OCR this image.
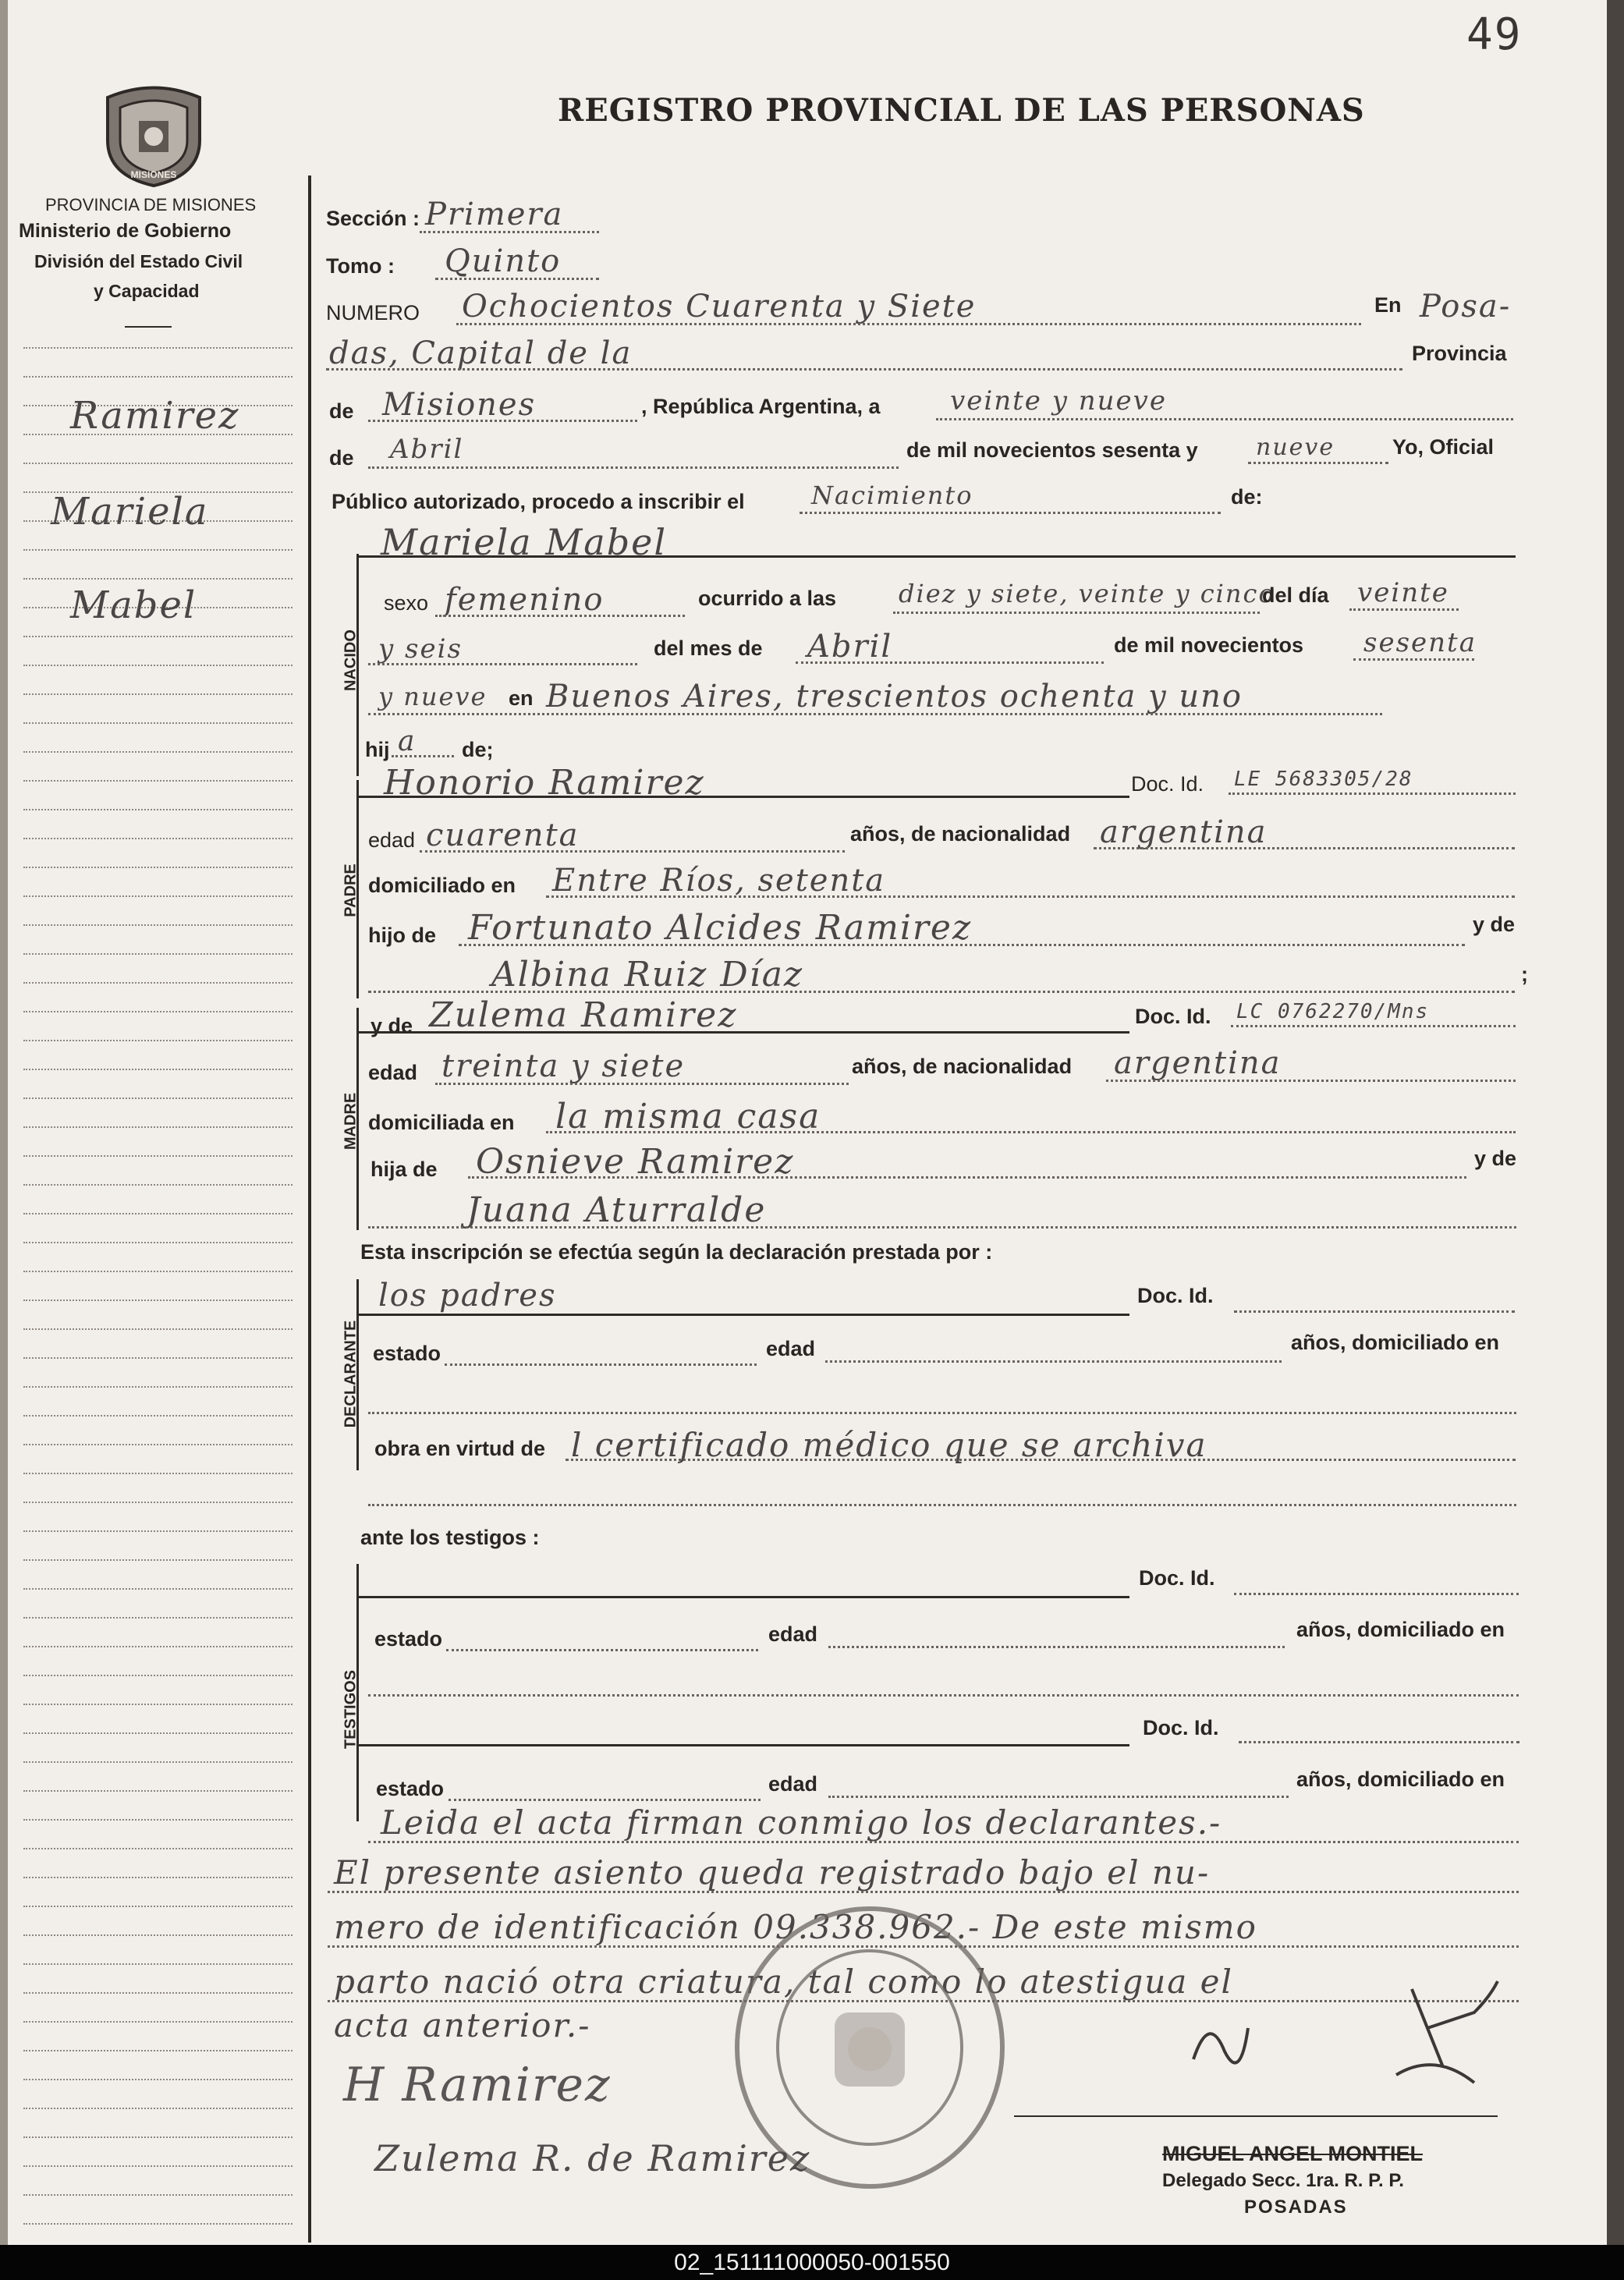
49
REGISTRO PROVINCIAL DE LAS PERSONAS
MISIONES
PROVINCIA DE MISIONES
Ministerio de Gobierno
División del Estado Civil
y Capacidad
Ramirez
Mariela
Mabel
Sección : Primera
Tomo : Quinto
NUMERO Ochocientos Cuarenta y Siete	En Posa-
das, Capital de la	Provincia
de Misiones	, República Argentina, a	veinte y nueve
de Abril	de mil novecientos sesenta y nueve	Yo, Oficial
Público autorizado, procedo a inscribir el	Nacimiento	de:
NACIDO
Mariela Mabel
sexo femenino	ocurrido a las diez y siete, veinte y cinco
del día veinte
y seis	del mes de Abril	de mil novecientos sesenta
y nueve en Buenos Aires, trescientos ochenta y uno
hij a de;
PADRE
Honorio Ramirez	Doc. Id. LE 5683305/28
edad cuarenta	años, de nacionalidad argentina
domiciliado en Entre Ríos, setenta
hijo de Fortunato Alcides Ramirez	y de
Albina Ruiz Díaz	;
MADRE
y de Zulema Ramirez	Doc. Id. LC 0762270/Mns
edad treinta y siete	años, de nacionalidad argentina
domiciliada en la misma casa
hija de Osnieve Ramirez	y de
Juana Aturralde
Esta inscripción se efectúa según la declaración prestada por :
DECLARANTE
los padres	Doc. Id.
estado	edad	años, domiciliado en
obra en virtud de l certificado médico que se archiva
ante los testigos :
TESTIGOS
Doc. Id.
estado	edad	años, domiciliado en
Doc. Id.
estado	edad	años, domiciliado en
Leida el acta firman conmigo los declarantes.-
El presente asiento queda registrado bajo el nu-
mero de identificación 09.338.962.- De este mismo
parto nació otra criatura, tal como lo atestigua el
acta anterior.-
H Ramirez
Zulema R. de Ramirez	MIGUEL ANGEL MONTIEL
Delegado Secc. 1ra. R. P. P.
POSADAS
02_151111000050-001550
